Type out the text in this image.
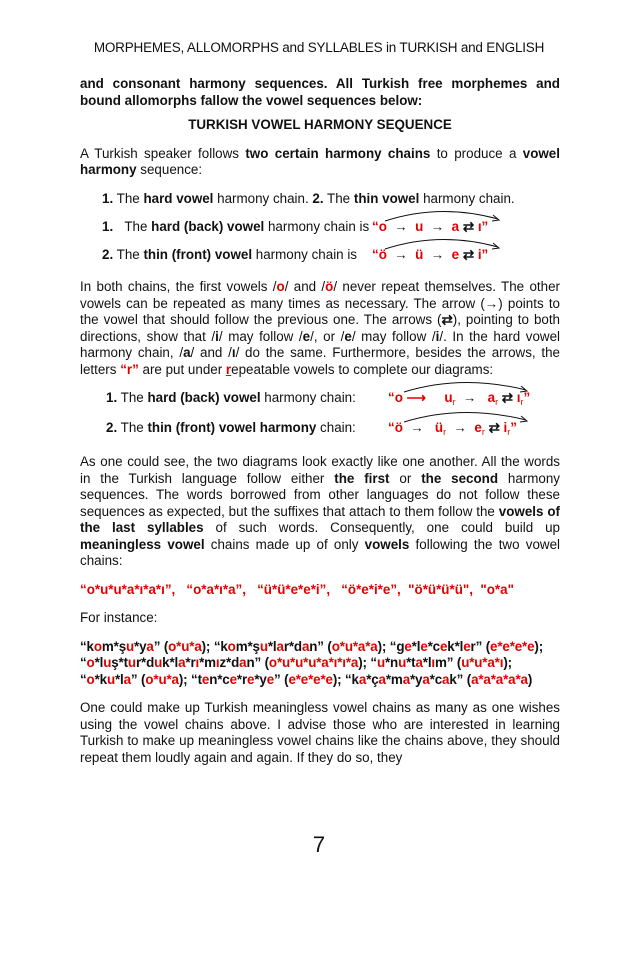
MORPHEMES, ALLOMORPHS and SYLLABLES in TURKISH and ENGLISH

and consonant harmony sequences. All Turkish free morphemes and bound allomorphs fallow the vowel sequences below:

TURKISH VOWEL HARMONY SEQUENCE

A Turkish speaker follows two certain harmony chains to produce a vowel harmony sequence:

1. The hard vowel harmony chain. 2. The thin vowel harmony chain.

1. The hard (back) vowel harmony chain is “o → u → a ⇄ ı”
2. The thin (front) vowel harmony chain is “ö → ü → e ⇄ i”

In both chains, the first vowels /o/ and /ö/ never repeat themselves. The other vowels can be repeated as many times as necessary. The arrow (→) points to the vowel that should follow the previous one. The arrows (⇄), pointing to both directions, show that /i/ may follow /e/, or /e/ may follow /i/. In the hard vowel harmony chain, /a/ and /ı/ do the same. Furthermore, besides the arrows, the letters “r” are put under repeatable vowels to complete our diagrams:

1. The hard (back) vowel harmony chain: “o ⟶ $u_r \to a_r$ ⇄ $ı_r$”
2. The thin (front) vowel harmony chain: “ö → $ü_r \to e_r$ ⇄ $i_r$”

As one could see, the two diagrams look exactly like one another. All the words in the Turkish language follow either the first or the second harmony sequences. The words borrowed from other languages do not follow these sequences as expected, but the suffixes that attach to them follow the vowels of the last syllables of such words. Consequently, one could build up meaningless vowel chains made up of only vowels following the two vowel chains:

“o*u*u*a*ı*a*ı”,   “o*a*ı*a”,   “ü*ü*e*e*i”,   “ö*e*i*e”,  "ö*ü*ü*ü",  "o*a"

For instance:

“kom*şu*ya” (o*u*a); “kom*şu*lar*dan” (o*u*a*a); “ge*le*cek*ler” (e*e*e*e);

“o*luş*tur*duk*la*rı*mız*dan” (o*u*u*u*a*ı*ı*a); “u*nu*ta*lım” (u*u*a*ı);

“o*ku*la” (o*u*a); “ten*ce*re*ye” (e*e*e*e); “ka*ça*ma*ya*cak” (a*a*a*a*a)

One could make up Turkish meaningless vowel chains as many as one wishes using the vowel chains above. I advise those who are interested in learning Turkish to make up meaningless vowel chains like the chains above, they should repeat them loudly again and again. If they do so, they

7
